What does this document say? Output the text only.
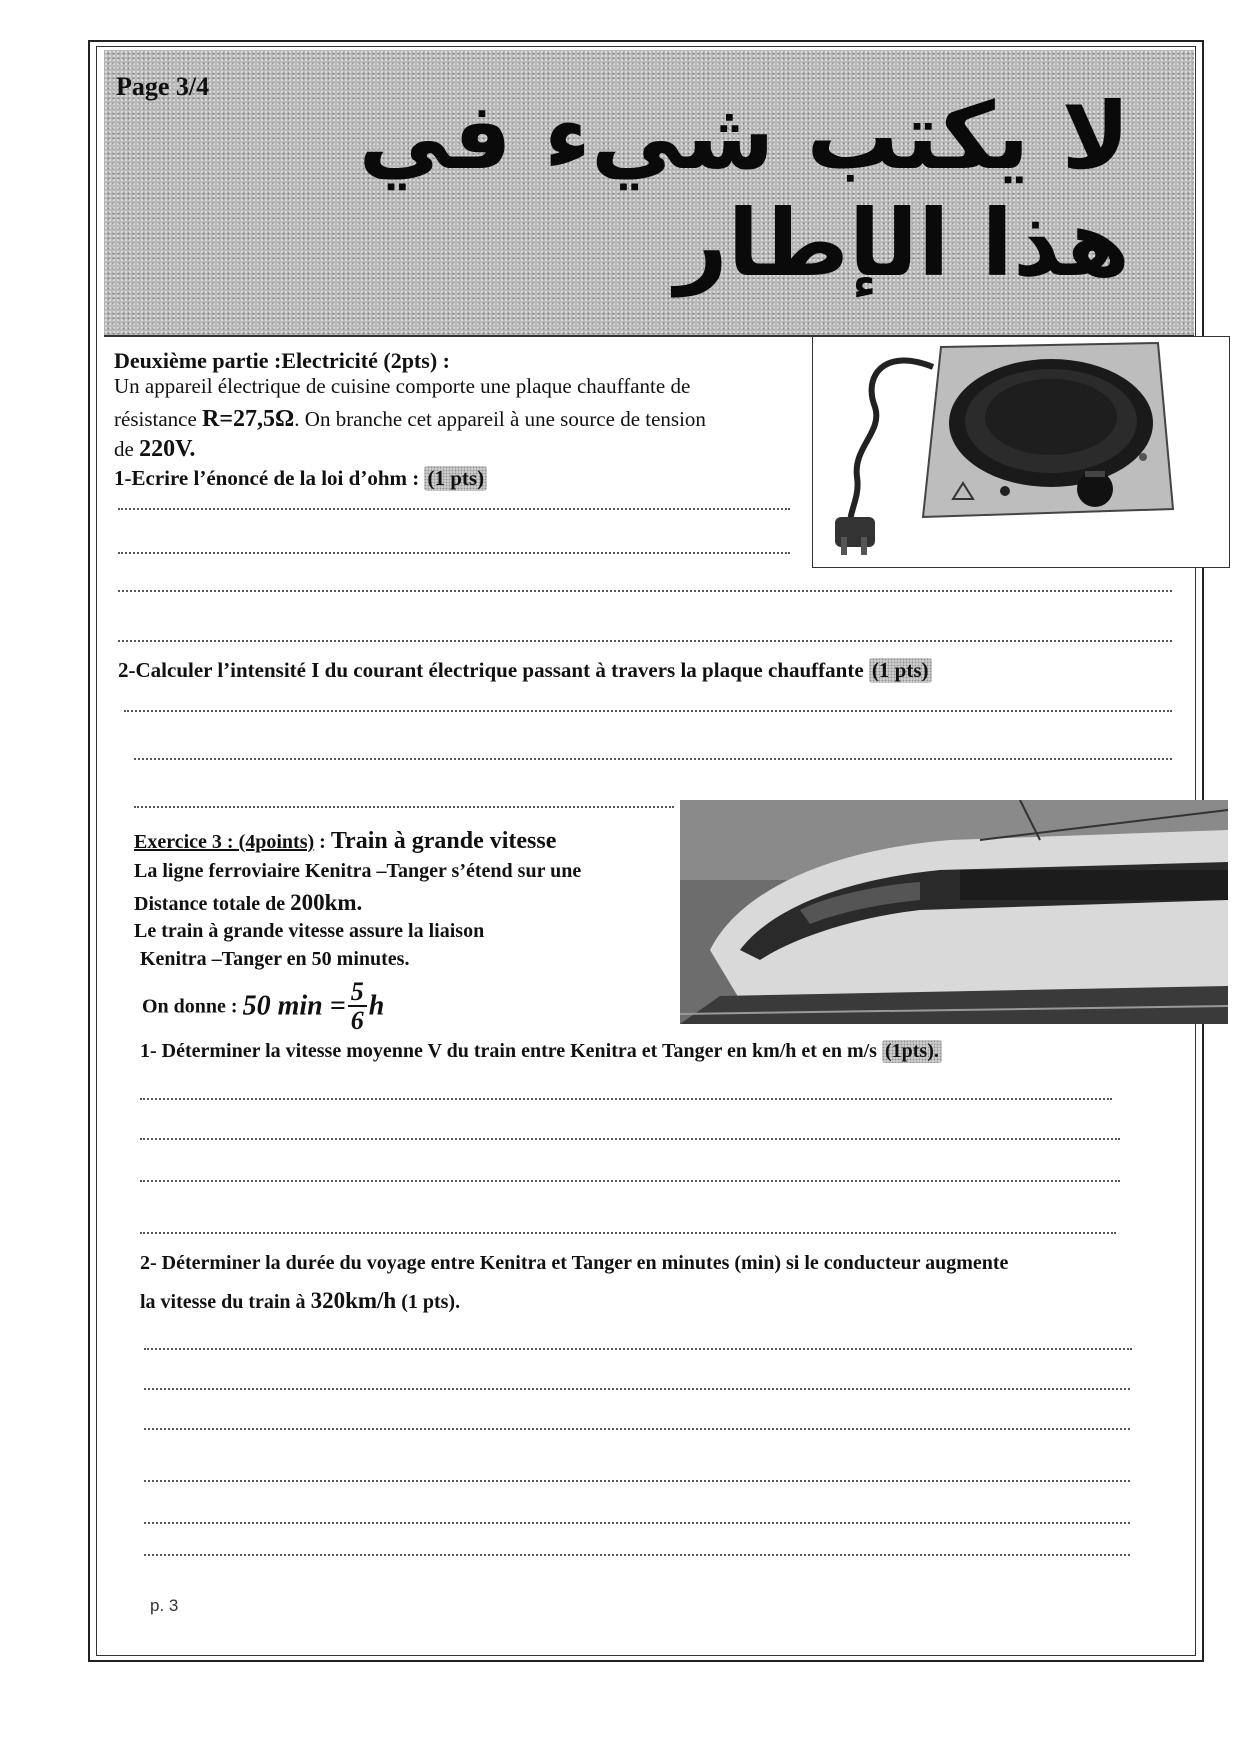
Page 3/4	لا يكتب شيء في هذا الإطار
Deuxième partie :Electricité (2pts) :
Un appareil électrique de cuisine comporte une plaque chauffante de
résistance R=27,5Ω. On branche cet appareil à une source de tension
de 220V.
1-Ecrire l’énoncé de la loi d’ohm : (1 pts)
2-Calculer l’intensité I du courant électrique passant à travers la plaque chauffante (1 pts)
Exercice 3 : (4points) : Train à grande vitesse
La ligne ferroviaire Kenitra –Tanger s’étend sur une
Distance totale de 200km.
Le train à grande vitesse assure la liaison
Kenitra –Tanger en 50 minutes.
On donne : 50 $\min = \frac{5}{6}$ h
1- Déterminer la vitesse moyenne V du train entre Kenitra et Tanger en km/h et en m/s (1pts).
2- Déterminer la durée du voyage entre Kenitra et Tanger en minutes (min) si le conducteur augmente
la vitesse du train à 320km/h (1 pts).
p. 3
